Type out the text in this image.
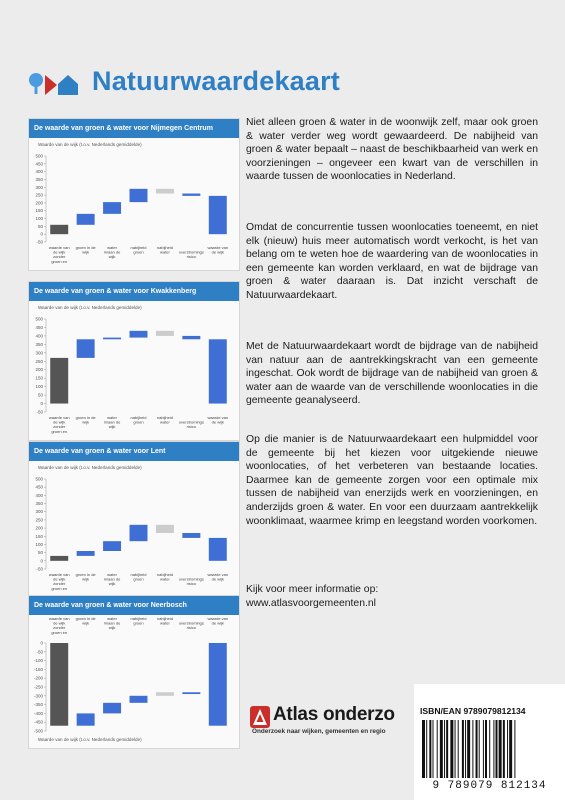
Natuurwaardekaart
De waarde van groen & water voor Nijmegen Centrum
Waarde van de wijk (t.o.v. Nederlands gemiddelde)
500
450
400
350
300
250
200
150
100
50
0
-50
waarde van de wijk zonder groen en
groen in de wijk
water in/aan de wijk
nabijheid groen
nabijheid water	overstromings risico
waarde van de wijk
De waarde van groen & water voor Kwakkenberg
Waarde van de wijk (t.o.v. Nederlands gemiddelde)
500
450
400
350
300
250
200
150
100
50
0
-50
waarde van de wijk zonder groen en
groen in de wijk
water in/aan de wijk
nabijheid groen
nabijheid water	overstromings risico
waarde van de wijk
De waarde van groen & water voor Lent
Waarde van de wijk (t.o.v. Nederlands gemiddelde)
500
450
400
350
300
250
200
150
100
50
0
-50
waarde van de wijk zonder groen en
groen in de wijk
water in/aan de wijk
nabijheid groen
nabijheid water	overstromings risico
waarde van de wijk
De waarde van groen & water voor Neerbosch
0
-50
-100
-150
-200
-250
-300
-350
-400
-450
-500
waarde van de wijk zonder groen en
groen in de wijk
water in/aan de wijk
nabijheid groen
nabijheid water	overstromings risico
waarde van de wijk
Waarde van de wijk (t.o.v. Nederlands gemiddelde)

Niet alleen groen & water in de woonwijk zelf, maar ook groen & water verder weg wordt gewaardeerd. De nabijheid van groen & water bepaalt – naast de beschikbaarheid van werk en voorzieningen – ongeveer een kwart van de verschillen in waarde tussen de woonlocaties in Nederland.

Omdat de concurrentie tussen woonlocaties toeneemt, en niet elk (nieuw) huis meer automatisch wordt verkocht, is het van belang om te weten hoe de waardering van de woonlocaties in een gemeente kan worden verklaard, en wat de bijdrage van groen & water daaraan is. Dat inzicht verschaft de Natuurwaardekaart.

Met de Natuurwaardekaart wordt de bijdrage van de nabijheid van natuur aan de aantrekkingskracht van een gemeente ingeschat. Ook wordt de bijdrage van de nabijheid van groen & water aan de waarde van de verschillende woonlocaties in die gemeente geanalyseerd.

Op die manier is de Natuurwaardekaart een hulpmiddel voor de gemeente bij het kiezen voor uitgekiende nieuwe woonlocaties, of het verbeteren van bestaande locaties. Daarmee kan de gemeente zorgen voor een optimale mix tussen de nabijheid van enerzijds werk en voorzieningen, en anderzijds groen & water. En voor een duurzaam aantrekkelijk woonklimaat, waarmee krimp en leegstand worden voorkomen.

Kijk voor meer informatie op:

www.atlasvoorgemeenten.nl

Atlas onderzo
Onderzoek naar wijken, gemeenten en regio
ISBN/EAN 9789079812134
9 789079 812134
